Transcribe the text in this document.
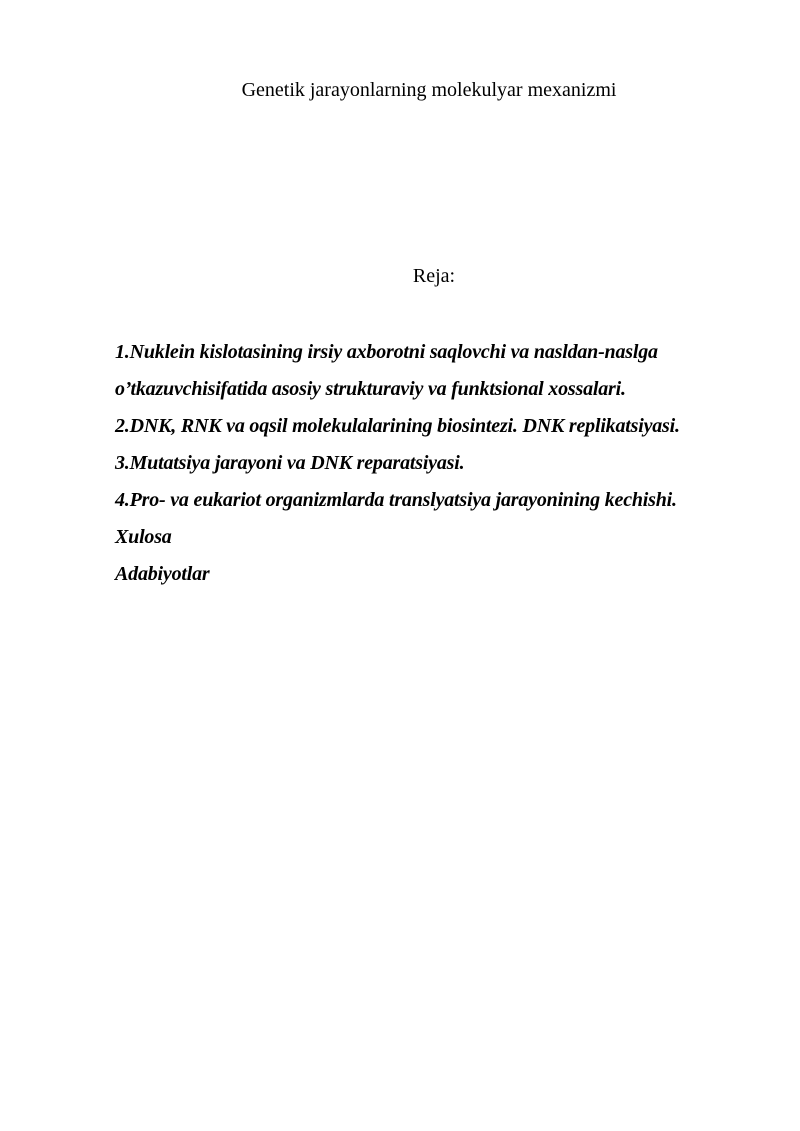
Genetik jarayonlarning molekulyar mexanizmi
Reja:
1.Nuklein kislotasining irsiy axborotni saqlovchi va nasldan-naslga
o’tkazuvchisifatida asosiy strukturaviy va funktsional xossalari.
2.DNK, RNK va oqsil molekulalarining biosintezi. DNK replikatsiyasi.
3.Mutatsiya jarayoni va DNK reparatsiyasi.
4.Pro- va eukariot organizmlarda translyatsiya jarayonining kechishi.
Xulosa
Adabiyotlar
